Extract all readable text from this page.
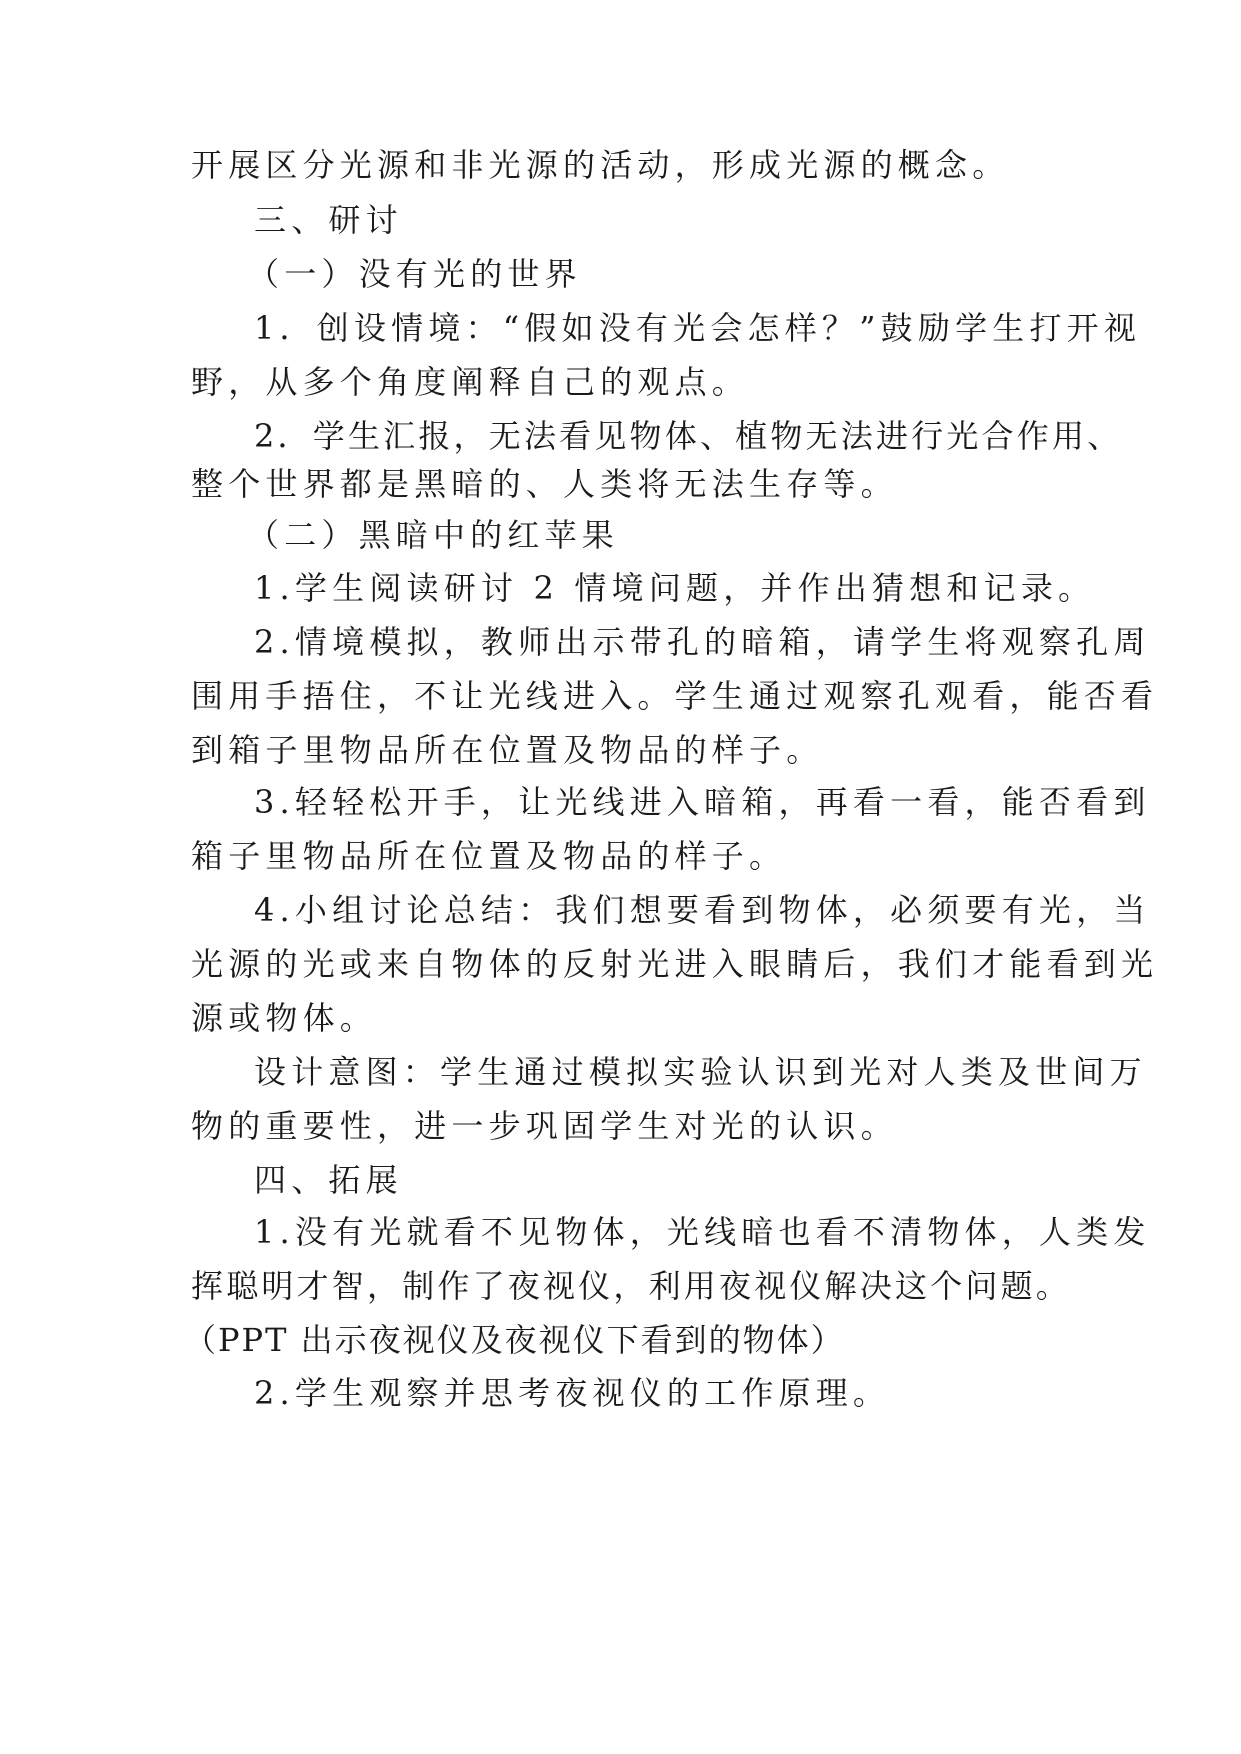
开展区分光源和非光源的活动，形成光源的概念。
三、研讨
（一）没有光的世界
1．创设情境：“假如没有光会怎样？”鼓励学生打开视
野，从多个角度阐释自己的观点。
2．学生汇报，无法看见物体、植物无法进行光合作用、
整个世界都是黑暗的、人类将无法生存等。
（二）黑暗中的红苹果
1.学生阅读研讨 2 情境问题，并作出猜想和记录。
2.情境模拟，教师出示带孔的暗箱，请学生将观察孔周
围用手捂住，不让光线进入。学生通过观察孔观看，能否看
到箱子里物品所在位置及物品的样子。
3.轻轻松开手，让光线进入暗箱，再看一看，能否看到
箱子里物品所在位置及物品的样子。
4.小组讨论总结：我们想要看到物体，必须要有光，当
光源的光或来自物体的反射光进入眼睛后，我们才能看到光
源或物体。
设计意图：学生通过模拟实验认识到光对人类及世间万
物的重要性，进一步巩固学生对光的认识。
四、拓展
1.没有光就看不见物体，光线暗也看不清物体，人类发
挥聪明才智，制作了夜视仪，利用夜视仪解决这个问题。
（PPT 出示夜视仪及夜视仪下看到的物体）
2.学生观察并思考夜视仪的工作原理。
